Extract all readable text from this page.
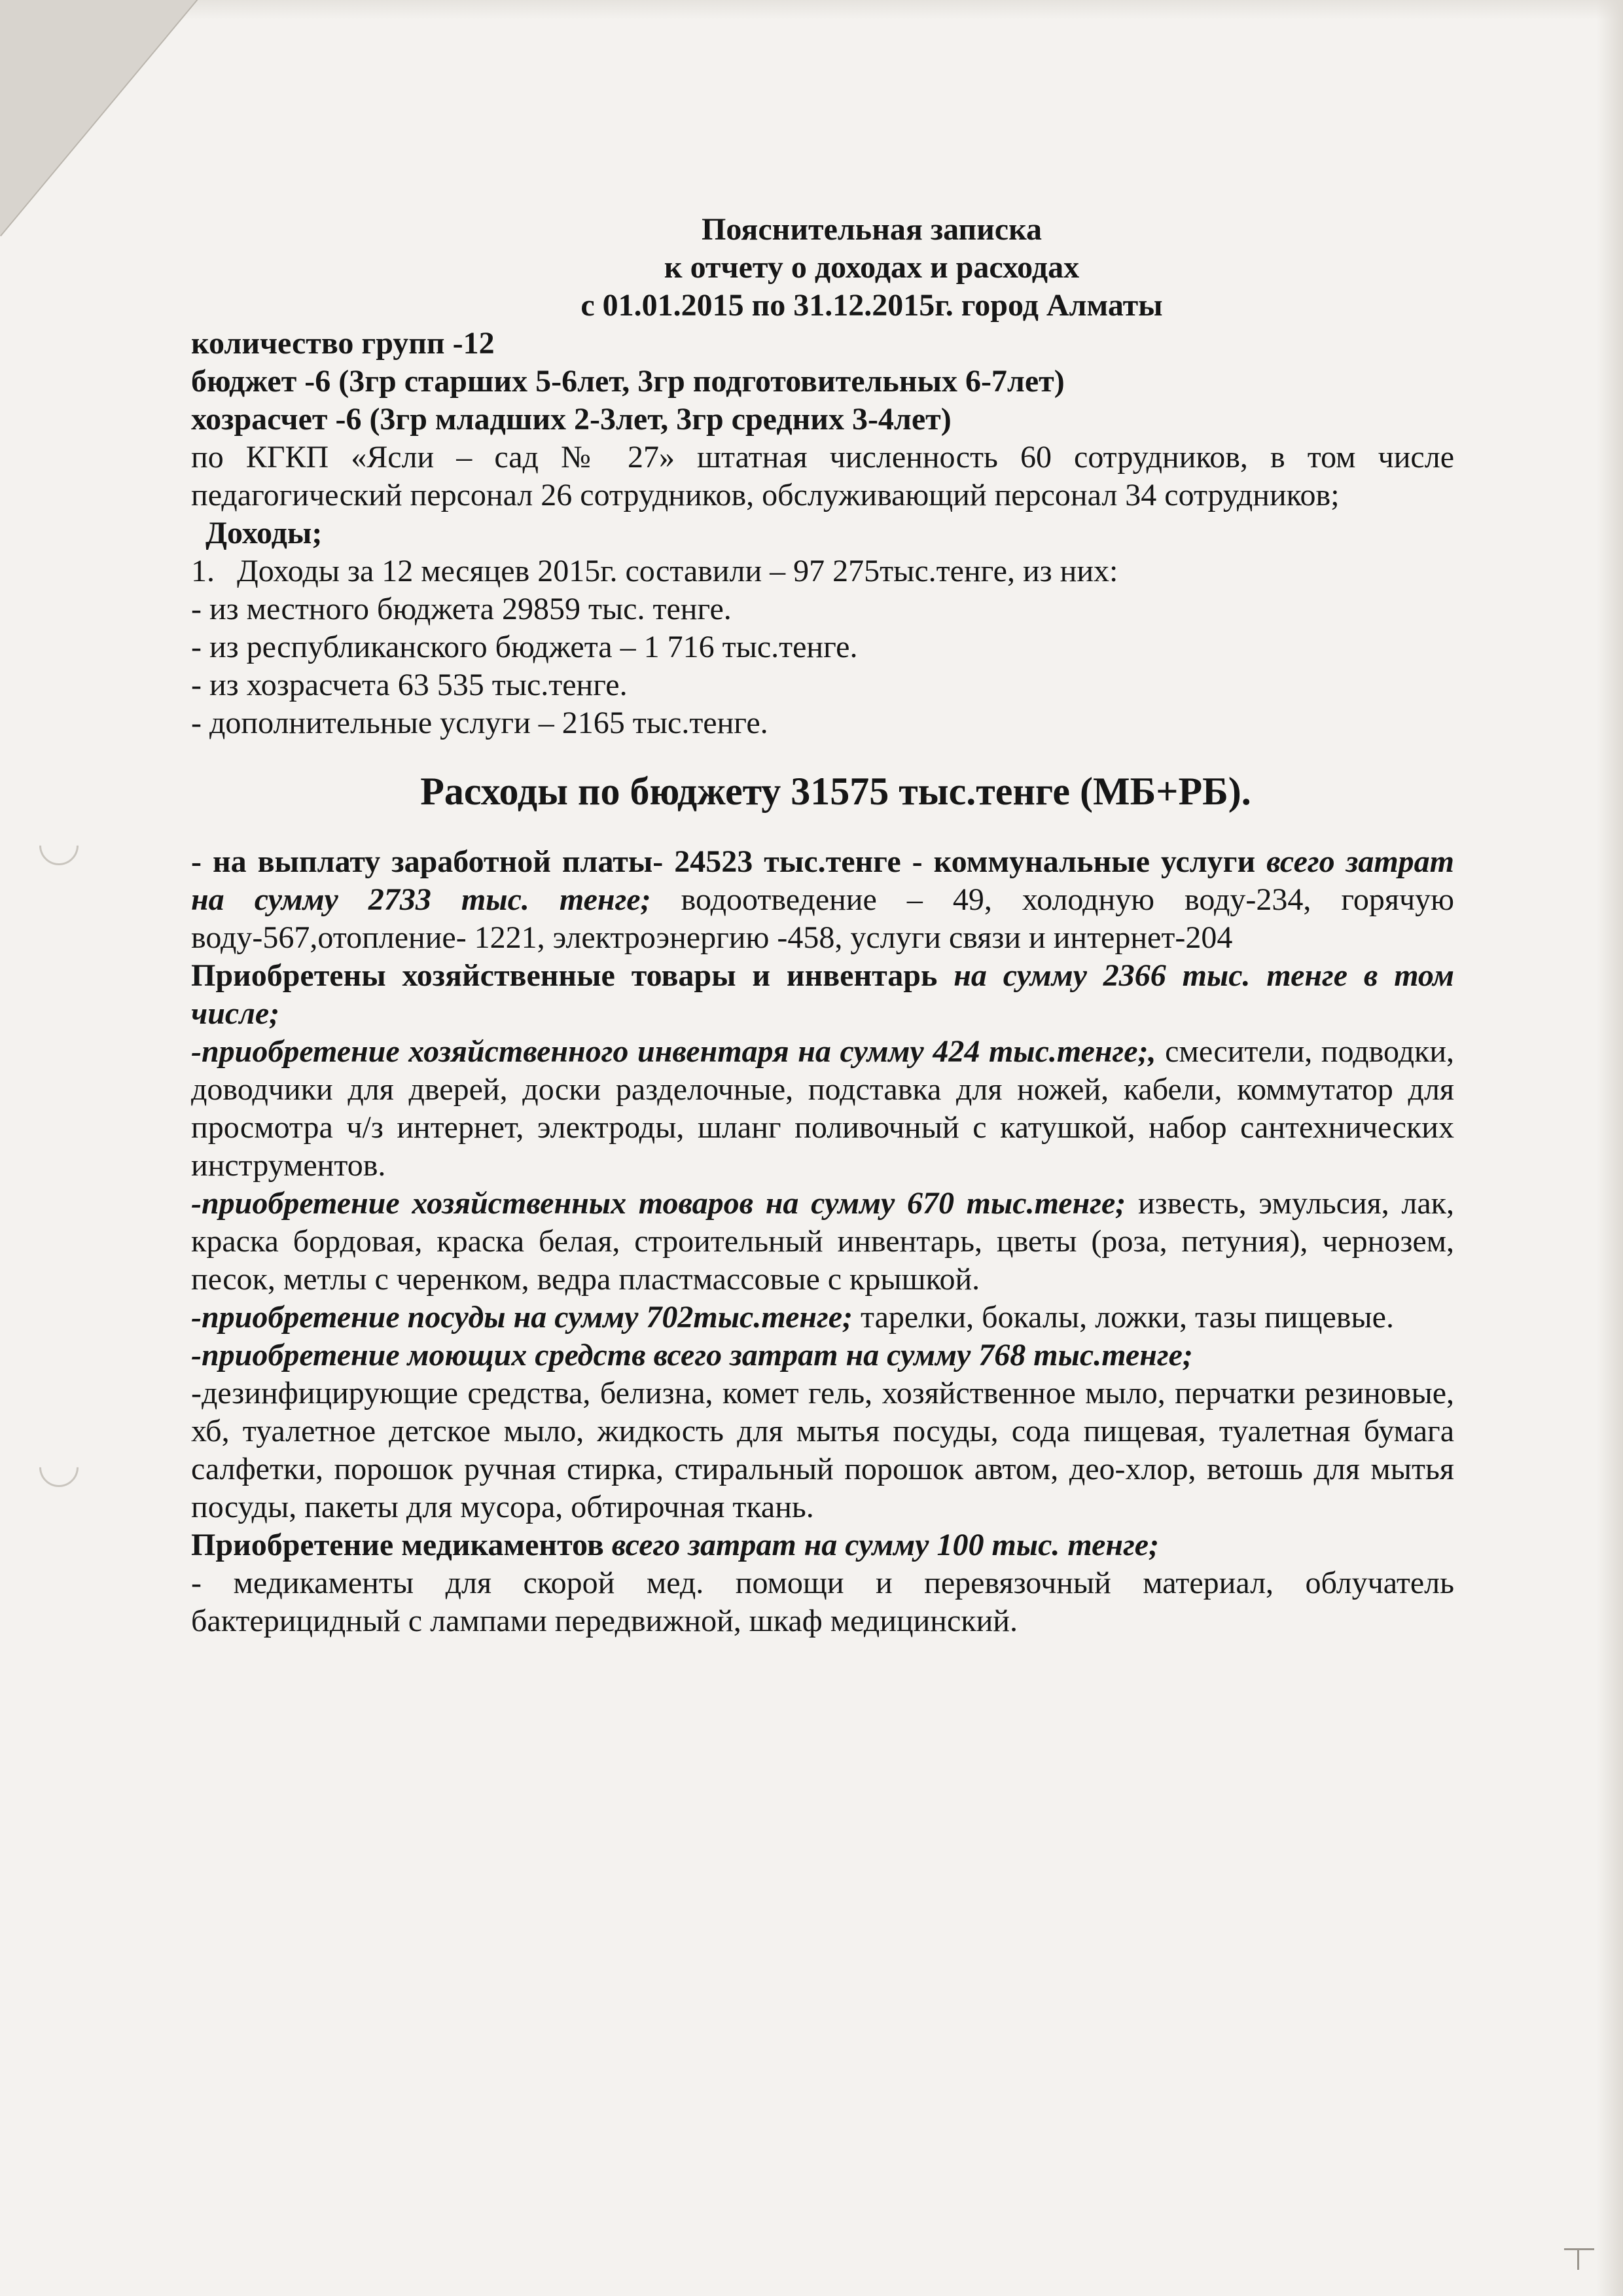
Пояснительная записка
к отчету о доходах и расходах
с 01.01.2015 по 31.12.2015г. город Алматы
количество групп -12
бюджет -6 (3гр старших 5-6лет, 3гр подготовительных 6-7лет)
хозрасчет -6 (3гр младших 2-3лет, 3гр средних 3-4лет)

по КГКП «Ясли – сад № 27» штатная численность 60 сотрудников, в том числе педагогический персонал 26 сотрудников, обслуживающий персонал 34 сотрудников;

Доходы;
1. Доходы за 12 месяцев 2015г. составили – 97 275тыс.тенге, из них:
- из местного бюджета 29859 тыс. тенге.
- из республиканского бюджета – 1 716 тыс.тенге.
- из хозрасчета 63 535 тыс.тенге.
- дополнительные услуги – 2165 тыс.тенге.
Расходы по бюджету 31575 тыс.тенге (МБ+РБ).

- на выплату заработной платы- 24523 тыс.тенге - коммунальные услуги всего затрат на сумму 2733 тыс. тенге; водоотведение – 49, холодную воду-234, горячую воду-567,отопление- 1221, электроэнергию -458, услуги связи и интернет-204

Приобретены хозяйственные товары и инвентарь на сумму 2366 тыс. тенге в том числе;

-приобретение хозяйственного инвентаря на сумму 424 тыс.тенге;, смесители, подводки, доводчики для дверей, доски разделочные, подставка для ножей, кабели, коммутатор для просмотра ч/з интернет, электроды, шланг поливочный с катушкой, набор сантехнических инструментов.

-приобретение хозяйственных товаров на сумму 670 тыс.тенге; известь, эмульсия, лак, краска бордовая, краска белая, строительный инвентарь, цветы (роза, петуния), чернозем, песок, метлы с черенком, ведра пластмассовые с крышкой.

-приобретение посуды на сумму 702тыс.тенге; тарелки, бокалы, ложки, тазы пищевые.

-приобретение моющих средств всего затрат на сумму 768 тыс.тенге;
-дезинфицирующие средства, белизна, комет гель, хозяйственное мыло, перчатки резиновые, хб, туалетное детское мыло, жидкость для мытья посуды, сода пищевая, туалетная бумага салфетки, порошок ручная стирка, стиральный порошок автом, део-хлор, ветошь для мытья посуды, пакеты для мусора, обтирочная ткань.

Приобретение медикаментов всего затрат на сумму 100 тыс. тенге;
- медикаменты для скорой мед. помощи и перевязочный материал, облучатель бактерицидный с лампами передвижной, шкаф медицинский.
